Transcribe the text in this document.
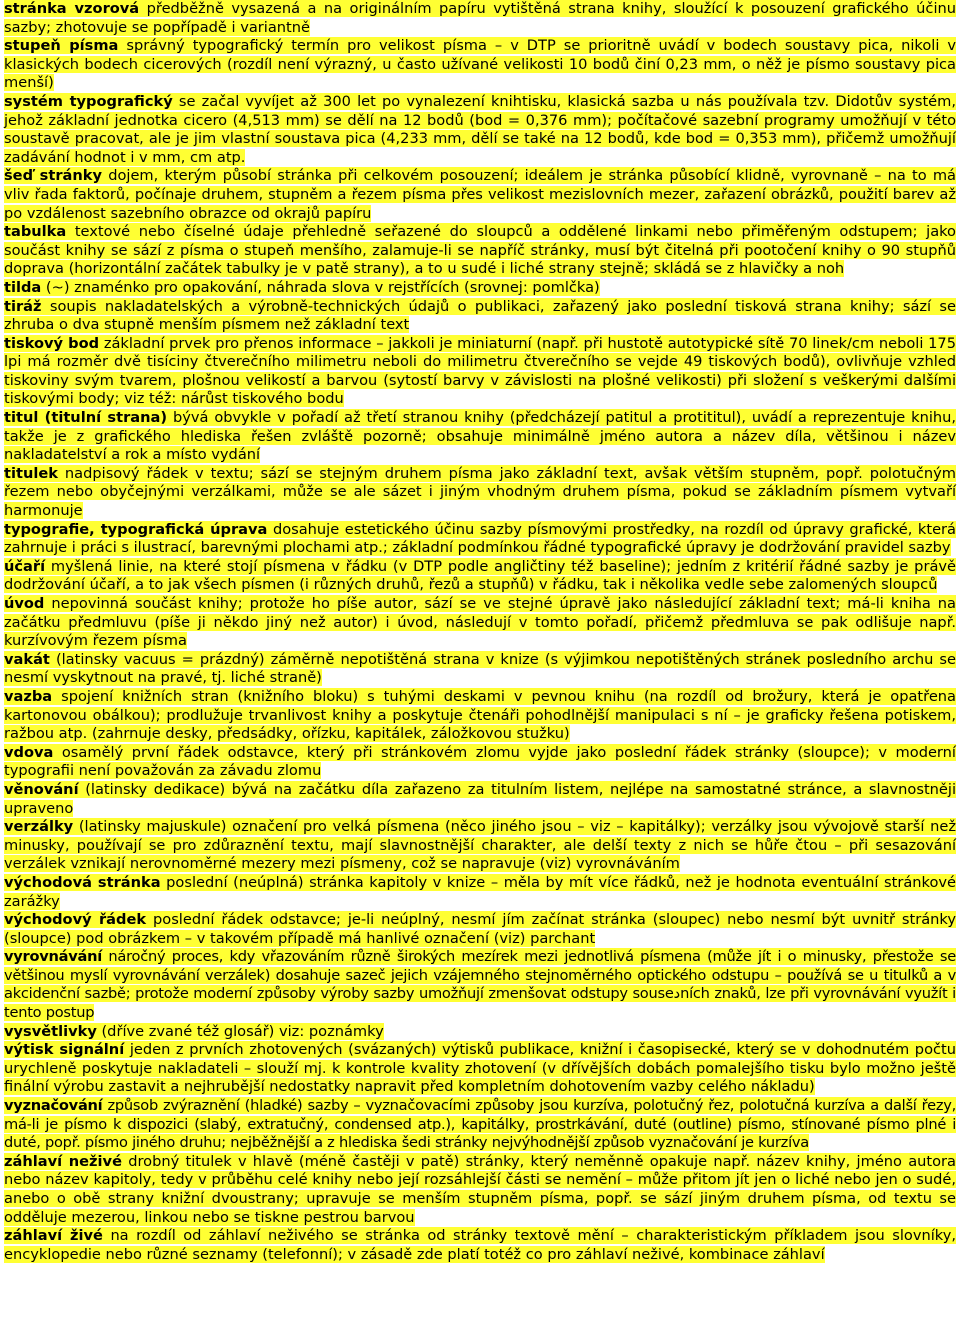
stránka vzorová předběžně vysazená a na originálním papíru vytištěná strana knihy, sloužící k posouzení grafického účinu sazby; zhotovuje se popřípadě i variantně

stupeň písma správný typografický termín pro velikost písma – v DTP se prioritně uvádí v bodech soustavy pica, nikoli v klasických bodech cicerových (rozdíl není výrazný, u často užívané velikosti 10 bodů činí 0,23 mm, o něž je písmo soustavy pica menší)

systém typografický se začal vyvíjet až 300 let po vynalezení knihtisku, klasická sazba u nás používala tzv. Didotův systém, jehož základní jednotka cicero (4,513 mm) se dělí na 12 bodů (bod = 0,376 mm); počítačové sazební programy umožňují v této soustavě pracovat, ale je jim vlastní soustava pica (4,233 mm, dělí se také na 12 bodů, kde bod = 0,353 mm), přičemž umožňují zadávání hodnot i v mm, cm atp.

šeď stránky dojem, kterým působí stránka při celkovém posouzení; ideálem je stránka působící klidně, vyrovnaně – na to má vliv řada faktorů, počínaje druhem, stupněm a řezem písma přes velikost mezislovních mezer, zařazení obrázků, použití barev až po vzdálenost sazebního obrazce od okrajů papíru

tabulka textové nebo číselné údaje přehledně seřazené do sloupců a oddělené linkami nebo přiměřeným odstupem; jako součást knihy se sází z písma o stupeň menšího, zalamuje-li se napříč stránky, musí být čitelná při pootočení knihy o 90 stupňů doprava (horizontální začátek tabulky je v patě strany), a to u sudé i liché strany stejně; skládá se z hlavičky a noh

tilda (~) znaménko pro opakování, náhrada slova v rejstřících (srovnej: pomlčka)

tiráž soupis nakladatelských a výrobně-technických údajů o publikaci, zařazený jako poslední tisková strana knihy; sází se zhruba o dva stupně menším písmem než základní text

tiskový bod základní prvek pro přenos informace – jakkoli je miniaturní (např. při hustotě autotypické sítě 70 linek/cm neboli 175 lpi má rozměr dvě tisíciny čtverečního milimetru neboli do milimetru čtverečního se vejde 49 tiskových bodů), ovlivňuje vzhled tiskoviny svým tvarem, plošnou velikostí a barvou (sytostí barvy v závislosti na plošné velikosti) při složení s veškerými dalšími tiskovými body; viz též: nárůst tiskového bodu

titul (titulní strana) bývá obvykle v pořadí až třetí stranou knihy (předcházejí patitul a protititul), uvádí a reprezentuje knihu, takže je z grafického hlediska řešen zvláště pozorně; obsahuje minimálně jméno autora a název díla, většinou i název nakladatelství a rok a místo vydání

titulek nadpisový řádek v textu; sází se stejným druhem písma jako základní text, avšak větším stupněm, popř. polotučným řezem nebo obyčejnými verzálkami, může se ale sázet i jiným vhodným druhem písma, pokud se základním písmem vytvaří harmonuje

typografie, typografická úprava dosahuje estetického účinu sazby písmovými prostředky, na rozdíl od úpravy grafické, která zahrnuje i práci s ilustrací, barevnými plochami atp.; základní podmínkou řádné typografické úpravy je dodržování pravidel sazby

účaří myšlená linie, na které stojí písmena v řádku (v DTP podle angličtiny též baseline); jedním z kritérií řádné sazby je právě dodržování účaří, a to jak všech písmen (i různých druhů, řezů a stupňů) v řádku, tak i několika vedle sebe zalomených sloupců

úvod nepovinná součást knihy; protože ho píše autor, sází se ve stejné úpravě jako následující základní text; má-li kniha na začátku předmluvu (píše ji někdo jiný než autor) i úvod, následují v tomto pořadí, přičemž předmluva se pak odlišuje např. kurzívovým řezem písma

vakát (latinsky vacuus = prázdný) záměrně nepotištěná strana v knize (s výjimkou nepotištěných stránek posledního archu se nesmí vyskytnout na pravé, tj. liché straně)

vazba spojení knižních stran (knižního bloku) s tuhými deskami v pevnou knihu (na rozdíl od brožury, která je opatřena kartonovou obálkou); prodlužuje trvanlivost knihy a poskytuje čtenáři pohodlnější manipulaci s ní – je graficky řešena potiskem, ražbou atp. (zahrnuje desky, předsádky, ořízku, kapitálek, záložkovou stužku)

vdova osamělý první řádek odstavce, který při stránkovém zlomu vyjde jako poslední řádek stránky (sloupce); v moderní typografii není považován za závadu zlomu

věnování (latinsky dedikace) bývá na začátku díla zařazeno za titulním listem, nejlépe na samostatné stránce, a slavnostněji upraveno

verzálky (latinsky majuskule) označení pro velká písmena (něco jiného jsou – viz – kapitálky); verzálky jsou vývojově starší než minusky, používají se pro zdůraznění textu, mají slavnostnější charakter, ale delší texty z nich se hůře čtou – při sesazování verzálek vznikají nerovnoměrné mezery mezi písmeny, což se napravuje (viz) vyrovnáváním

východová stránka poslední (neúplná) stránka kapitoly v knize – měla by mít více řádků, než je hodnota eventuální stránkové zarážky

východový řádek poslední řádek odstavce; je-li neúplný, nesmí jím začínat stránka (sloupec) nebo nesmí být uvnitř stránky (sloupce) pod obrázkem – v takovém případě má hanlivé označení (viz) parchant

vyrovnávání náročný proces, kdy vřazováním různě širokých mezírek mezi jednotlivá písmena (může jít i o minusky, přestože se většinou myslí vyrovnávání verzálek) dosahuje sazeč jejich vzájemného stejnoměrného optického odstupu – používá se u titulků a v akcidenční sazbě; protože moderní způsoby výroby sazby umožňují zmenšovat odstupy souseدních znaků, lze při vyrovnávání využít i tento postup

vysvětlivky (dříve zvané též glosář) viz: poznámky

výtisk signální jeden z prvních zhotovených (svázaných) výtisků publikace, knižní i časopisecké, který se v dohodnutém počtu urychleně poskytuje nakladateli – slouží mj. k kontrole kvality zhotovení (v dřívějších dobách pomalejšího tisku bylo možno ještě finální výrobu zastavit a nejhrubější nedostatky napravit před kompletním dohotovením vazby celého nákladu)

vyznačování způsob zvýraznění (hladké) sazby – vyznačovacími způsoby jsou kurzíva, polotučný řez, polotučná kurzíva a další řezy, má-li je písmo k dispozici (slabý, extratučný, condensed atp.), kapitálky, prostrkávání, duté (outline) písmo, stínované písmo plné i duté, popř. písmo jiného druhu; nejběžnější a z hlediska šedi stránky nejvýhodnější způsob vyznačování je kurzíva

záhlaví neživé drobný titulek v hlavě (méně častěji v patě) stránky, který neměnně opakuje např. název knihy, jméno autora nebo název kapitoly, tedy v průběhu celé knihy nebo její rozsáhlejší části se nemění – může přitom jít jen o liché nebo jen o sudé, anebo o obě strany knižní dvoustrany; upravuje se menším stupněm písma, popř. se sází jiným druhem písma, od textu se odděluje mezerou, linkou nebo se tiskne pestrou barvou

záhlaví živé na rozdíl od záhlaví neživého se stránka od stránky textově mění – charakteristickým příkladem jsou slovníky, encyklopedie nebo různé seznamy (telefonní); v zásadě zde platí totéž co pro záhlaví neživé, kombinace záhlaví
